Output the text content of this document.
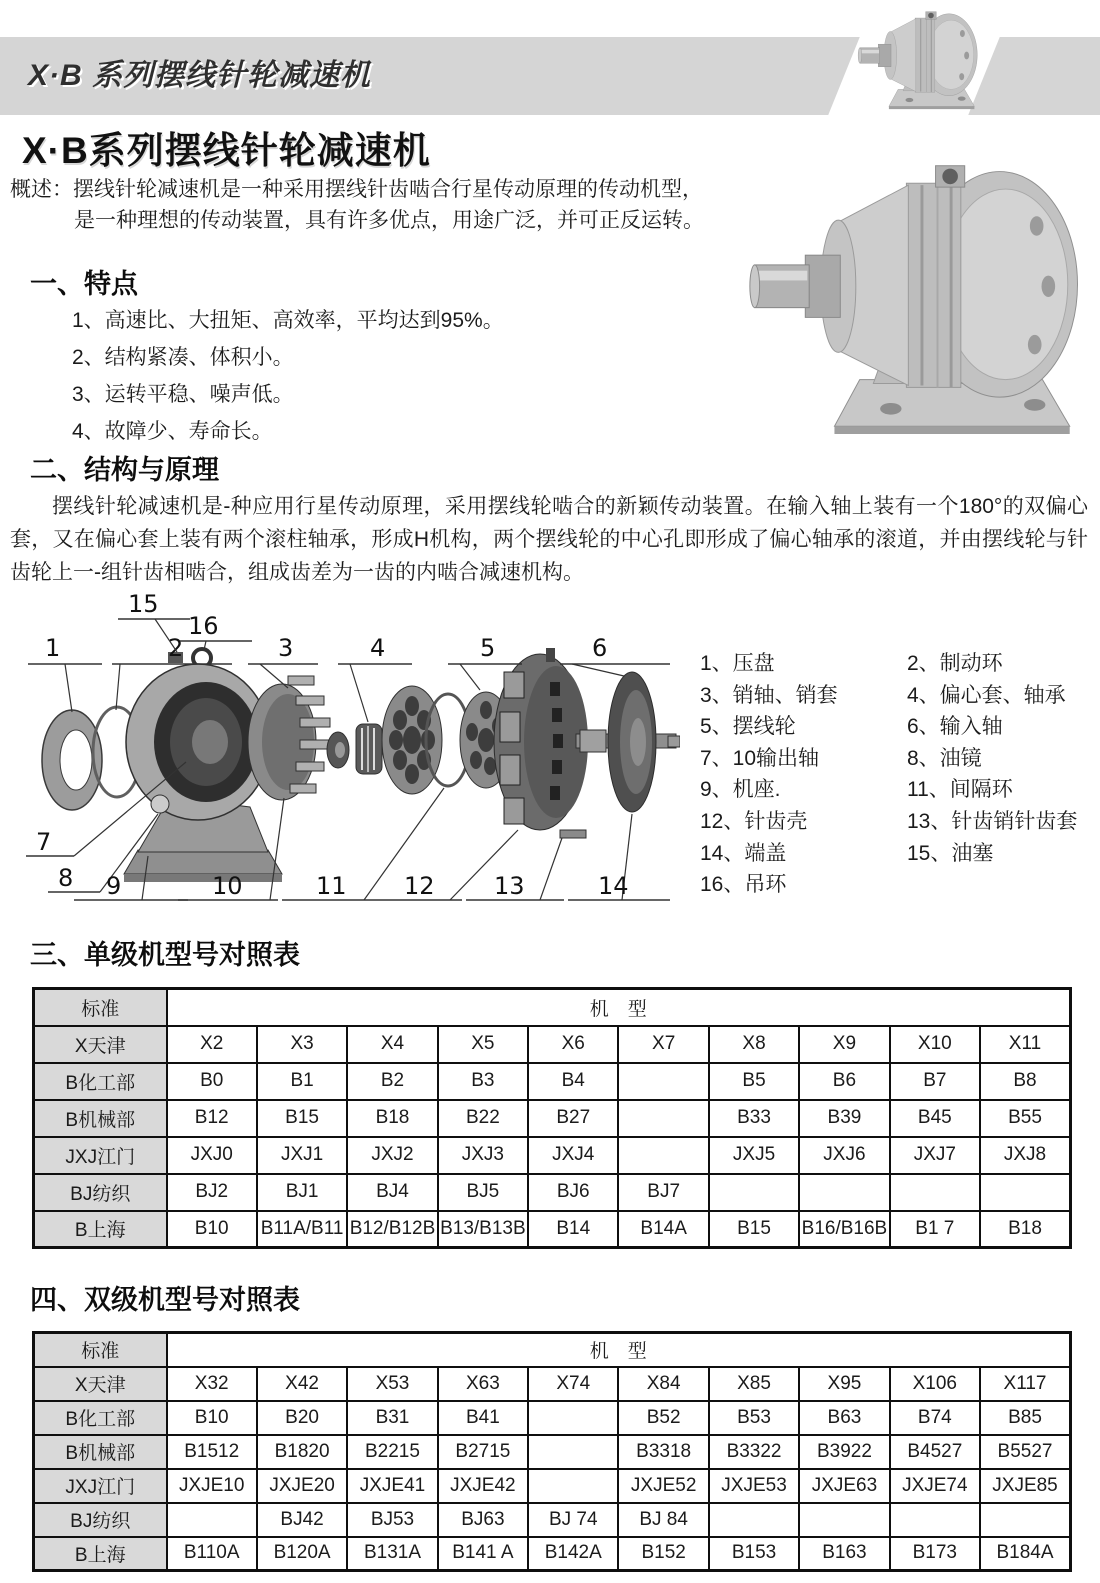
X·B 系列摆线针轮减速机
X·B系列摆线针轮减速机
概述：摆线针轮减速机是一种采用摆线针齿啮合行星传动原理的传动机型，
是一种理想的传动装置，具有许多优点，用途广泛，并可正反运转。
一、特点
1、高速比、大扭矩、高效率，平均达到95%。
2、结构紧凑、体积小。
3、运转平稳、噪声低。
4、故障少、寿命长。
二、结构与原理
摆线针轮减速机是-种应用行星传动原理，采用摆线轮啮合的新颖传动装置。在输入轴上装有一个180°的双偏心套，又在偏心套上装有两个滚柱轴承，形成H机构，两个摆线轮的中心孔即形成了偏心轴承的滚道，并由摆线轮与针齿轮上一-组针齿相啮合，组成齿差为一齿的内啮合减速机构。
1	2	3	4	5	6
7
8 9	10	11 12 13	14
15
16
1、压盘	2、制动环
3、销轴、销套	4、偏心套、轴承
5、摆线轮	6、输入轴
7、10输出轴	8、油镜
9、机座.	11、间隔环
12、针齿壳	13、针齿销针齿套
14、端盖	15、油塞
16、吊环
三、单级机型号对照表
标准	机　型									
X天津	X2	X3	X4	X5	X6	X7	X8	X9	X10	X11
B化工部	B0	B1	B2	B3	B4		B5	B6	B7	B8
B机械部	B12	B15	B18	B22	B27		B33	B39	B45	B55
JXJ江门	JXJ0	JXJ1	JXJ2	JXJ3	JXJ4		JXJ5	JXJ6	JXJ7	JXJ8
BJ纺织	BJ2	BJ1	BJ4	BJ5	BJ6	BJ7				
B上海	B10	B11A/B11	B12/B12B	B13/B13B	B14	B14A	B15	B16/B16B	B1 7	B18
四、双级机型号对照表
标准	机　型									
X天津	X32	X42	X53	X63	X74	X84	X85	X95	X106	X117
B化工部	B10	B20	B31	B41		B52	B53	B63	B74	B85
B机械部	B1512	B1820	B2215	B2715		B3318	B3322	B3922	B4527	B5527
JXJ江门	JXJE10	JXJE20	JXJE41	JXJE42		JXJE52	JXJE53	JXJE63	JXJE74	JXJE85
BJ纺织		BJ42	BJ53	BJ63	BJ 74	BJ 84				
B上海	B110A	B120A	B131A	B141 A	B142A	B152	B153	B163	B173	B184A
